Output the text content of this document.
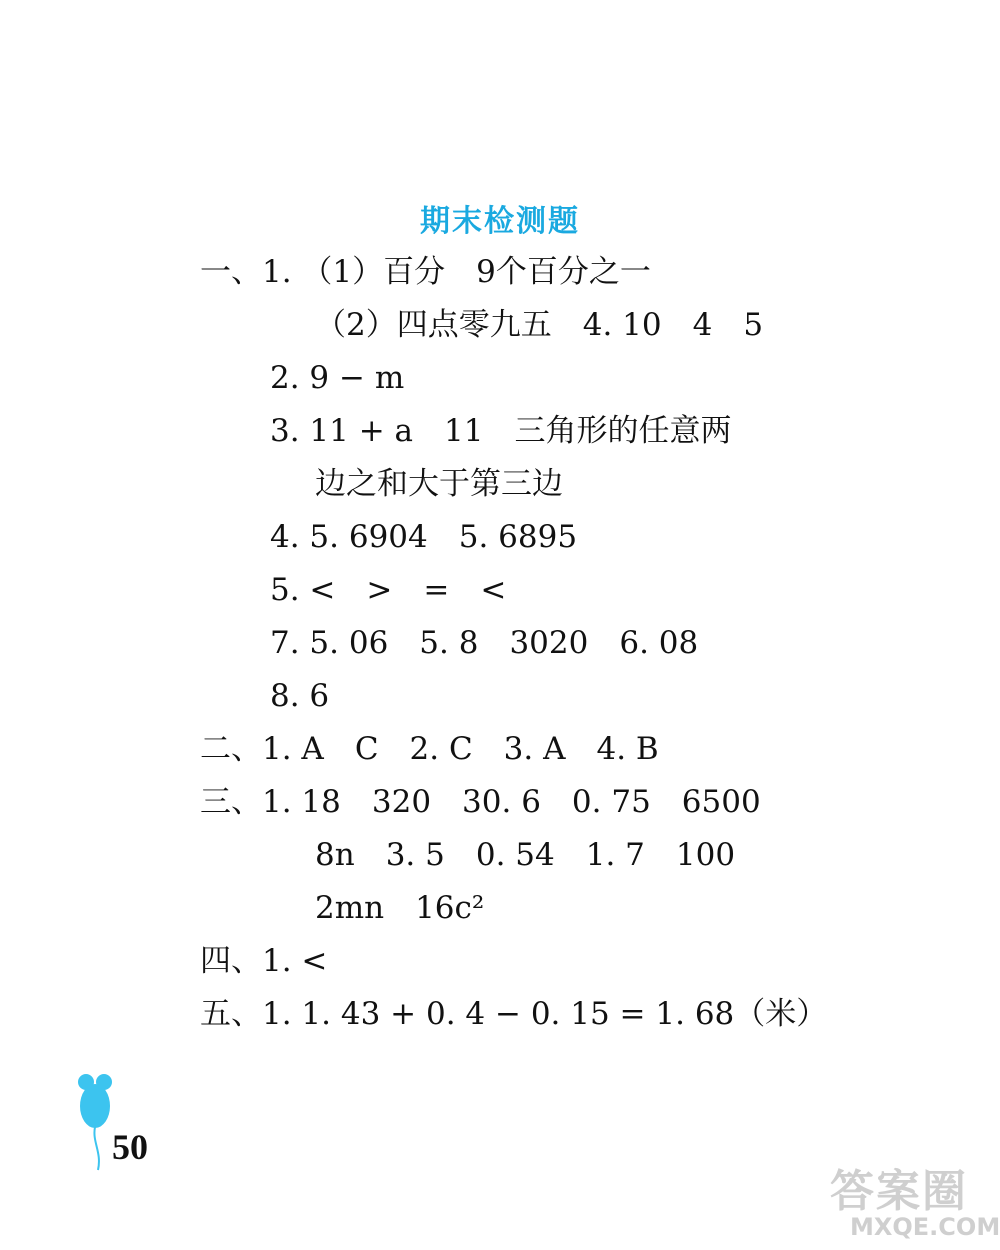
期末检测题
一、1. （1）百分　9个百分之一
（2）四点零九五　4. 10　4　5
2. 9 − m
3. 11 + a　11　三角形的任意两
边之和大于第三边
4. 5. 6904　5. 6895
5. <　>　=　<
7. 5. 06　5. 8　3020　6. 08
8. 6
二、1. A　C　2. C　3. A　4. B
三、1. 18　320　30. 6　0. 75　6500
8n　3. 5　0. 54　1. 7　100
2mn　16c²
四、1. <
五、1. 1. 43 + 0. 4 − 0. 15 = 1. 68（米）
50
答案圈
MXQE.COM
